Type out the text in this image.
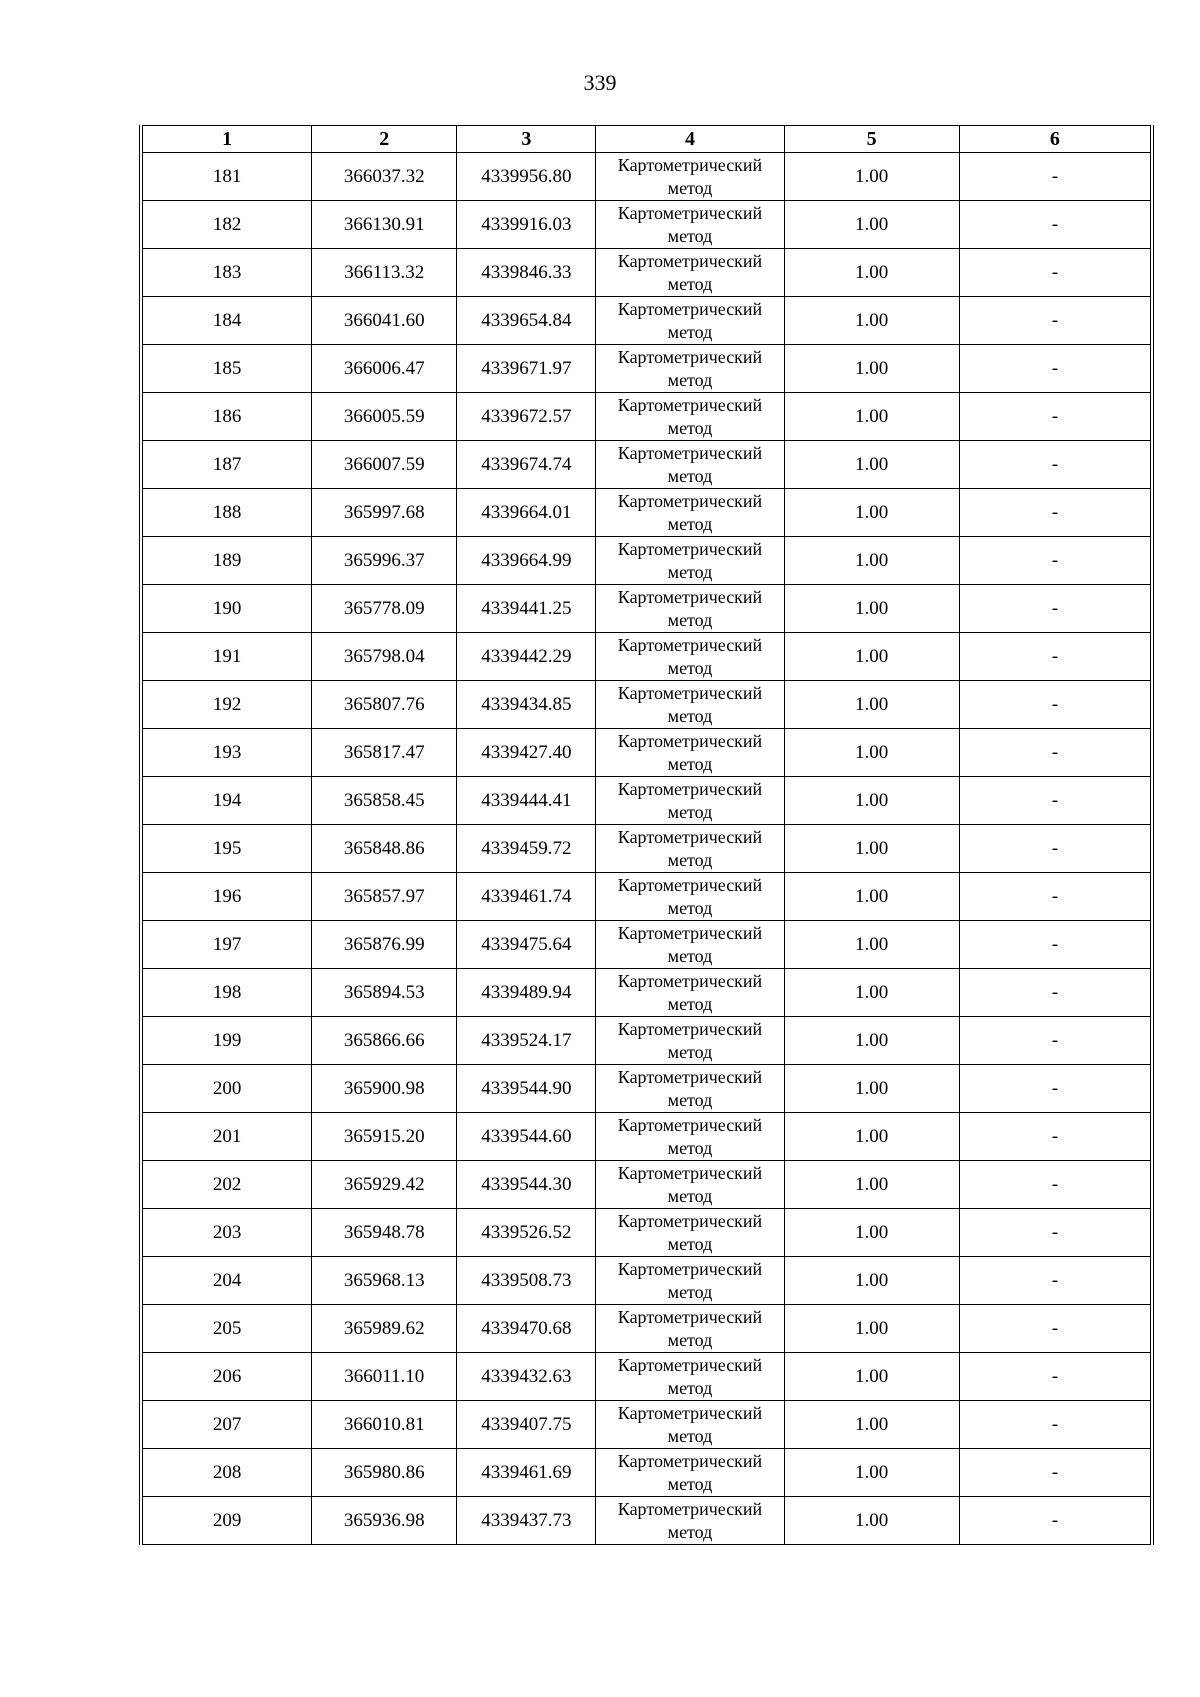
339
1	2	3	4	5	6
181	366037.32	4339956.80	Картометрический метод	1.00	-
182	366130.91	4339916.03	Картометрический метод	1.00	-
183	366113.32	4339846.33	Картометрический метод	1.00	-
184	366041.60	4339654.84	Картометрический метод	1.00	-
185	366006.47	4339671.97	Картометрический метод	1.00	-
186	366005.59	4339672.57	Картометрический метод	1.00	-
187	366007.59	4339674.74	Картометрический метод	1.00	-
188	365997.68	4339664.01	Картометрический метод	1.00	-
189	365996.37	4339664.99	Картометрический метод	1.00	-
190	365778.09	4339441.25	Картометрический метод	1.00	-
191	365798.04	4339442.29	Картометрический метод	1.00	-
192	365807.76	4339434.85	Картометрический метод	1.00	-
193	365817.47	4339427.40	Картометрический метод	1.00	-
194	365858.45	4339444.41	Картометрический метод	1.00	-
195	365848.86	4339459.72	Картометрический метод	1.00	-
196	365857.97	4339461.74	Картометрический метод	1.00	-
197	365876.99	4339475.64	Картометрический метод	1.00	-
198	365894.53	4339489.94	Картометрический метод	1.00	-
199	365866.66	4339524.17	Картометрический метод	1.00	-
200	365900.98	4339544.90	Картометрический метод	1.00	-
201	365915.20	4339544.60	Картометрический метод	1.00	-
202	365929.42	4339544.30	Картометрический метод	1.00	-
203	365948.78	4339526.52	Картометрический метод	1.00	-
204	365968.13	4339508.73	Картометрический метод	1.00	-
205	365989.62	4339470.68	Картометрический метод	1.00	-
206	366011.10	4339432.63	Картометрический метод	1.00	-
207	366010.81	4339407.75	Картометрический метод	1.00	-
208	365980.86	4339461.69	Картометрический метод	1.00	-
209	365936.98	4339437.73	Картометрический метод	1.00	-
